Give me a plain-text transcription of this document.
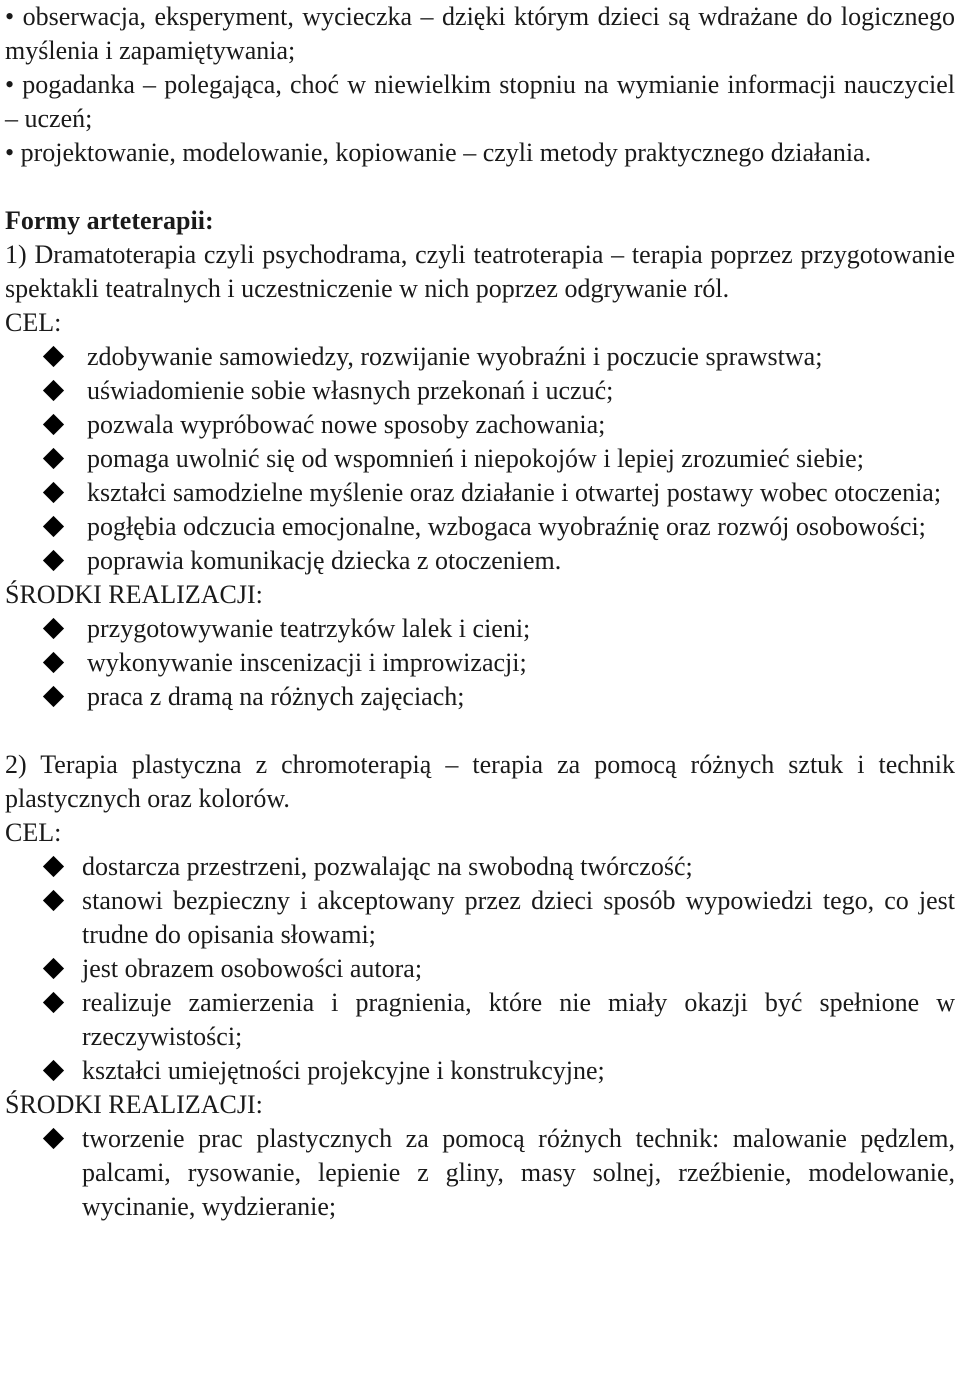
• obserwacja, eksperyment, wycieczka – dzięki którym dzieci są wdrażane do logicznego myślenia i zapamiętywania;

• pogadanka – polegająca, choć w niewielkim stopniu na wymianie informacji nauczyciel – uczeń;

• projektowanie, modelowanie, kopiowanie – czyli metody praktycznego działania.

Formy arteterapii:

1) Dramatoterapia czyli psychodrama, czyli teatroterapia – terapia poprzez przygotowanie spektakli teatralnych i uczestniczenie w nich poprzez odgrywanie ról.

CEL:

zdobywanie samowiedzy, rozwijanie wyobraźni i poczucie sprawstwa;
uświadomienie sobie własnych przekonań i uczuć;
pozwala wypróbować nowe sposoby zachowania;
pomaga uwolnić się od wspomnień i niepokojów i lepiej zrozumieć siebie;
kształci samodzielne myślenie oraz działanie i otwartej postawy wobec otoczenia;
pogłębia odczucia emocjonalne, wzbogaca wyobraźnię oraz rozwój osobowości;
poprawia komunikację dziecka z otoczeniem.

ŚRODKI REALIZACJI:

przygotowywanie teatrzyków lalek i cieni;
wykonywanie inscenizacji i improwizacji;
praca z dramą na różnych zajęciach;

2) Terapia plastyczna z chromoterapią – terapia za pomocą różnych sztuk i technik plastycznych oraz kolorów.

CEL:

dostarcza przestrzeni, pozwalając na swobodną twórczość;
stanowi bezpieczny i akceptowany przez dzieci sposób wypowiedzi tego, co jest trudne do opisania słowami;
jest obrazem osobowości autora;
realizuje zamierzenia i pragnienia, które nie miały okazji być spełnione w rzeczywistości;
kształci umiejętności projekcyjne i konstrukcyjne;

ŚRODKI REALIZACJI:

tworzenie prac plastycznych za pomocą różnych technik: malowanie pędzlem, palcami, rysowanie, lepienie z gliny, masy solnej, rzeźbienie, modelowanie, wycinanie, wydzieranie;
